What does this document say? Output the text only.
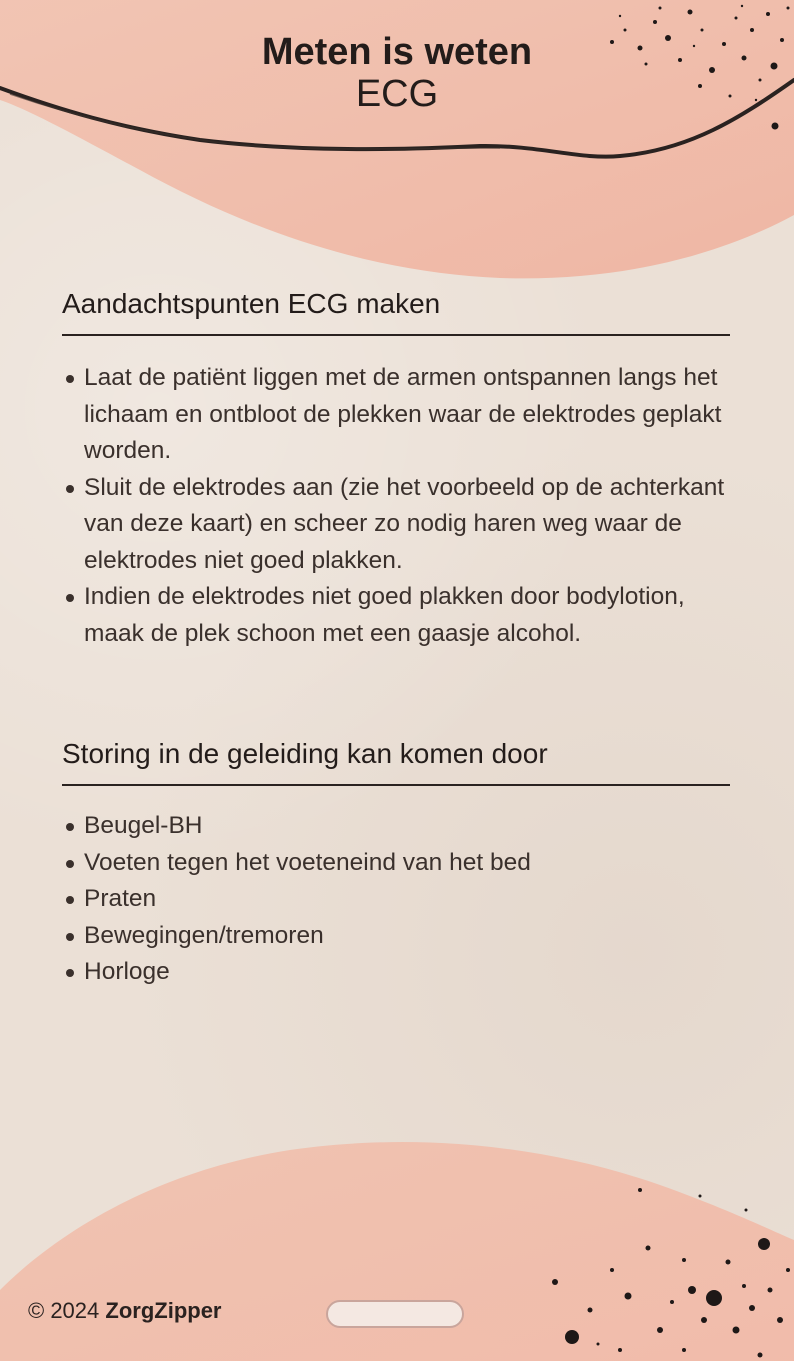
Meten is weten
ECG
Aandachtspunten ECG maken
Laat de patiënt liggen met de armen ontspannen langs het lichaam en ontbloot de plekken waar de elektrodes geplakt worden.
Sluit de elektrodes aan (zie het voorbeeld op de achterkant van deze kaart) en scheer zo nodig haren weg waar de elektrodes niet goed plakken.
Indien de elektrodes niet goed plakken door bodylotion, maak de plek schoon met een gaasje alcohol.
Storing in de geleiding kan komen door
Beugel-BH
Voeten tegen het voeteneind van het bed
Praten
Bewegingen/tremoren
Horloge
© 2024 ZorgZipper
